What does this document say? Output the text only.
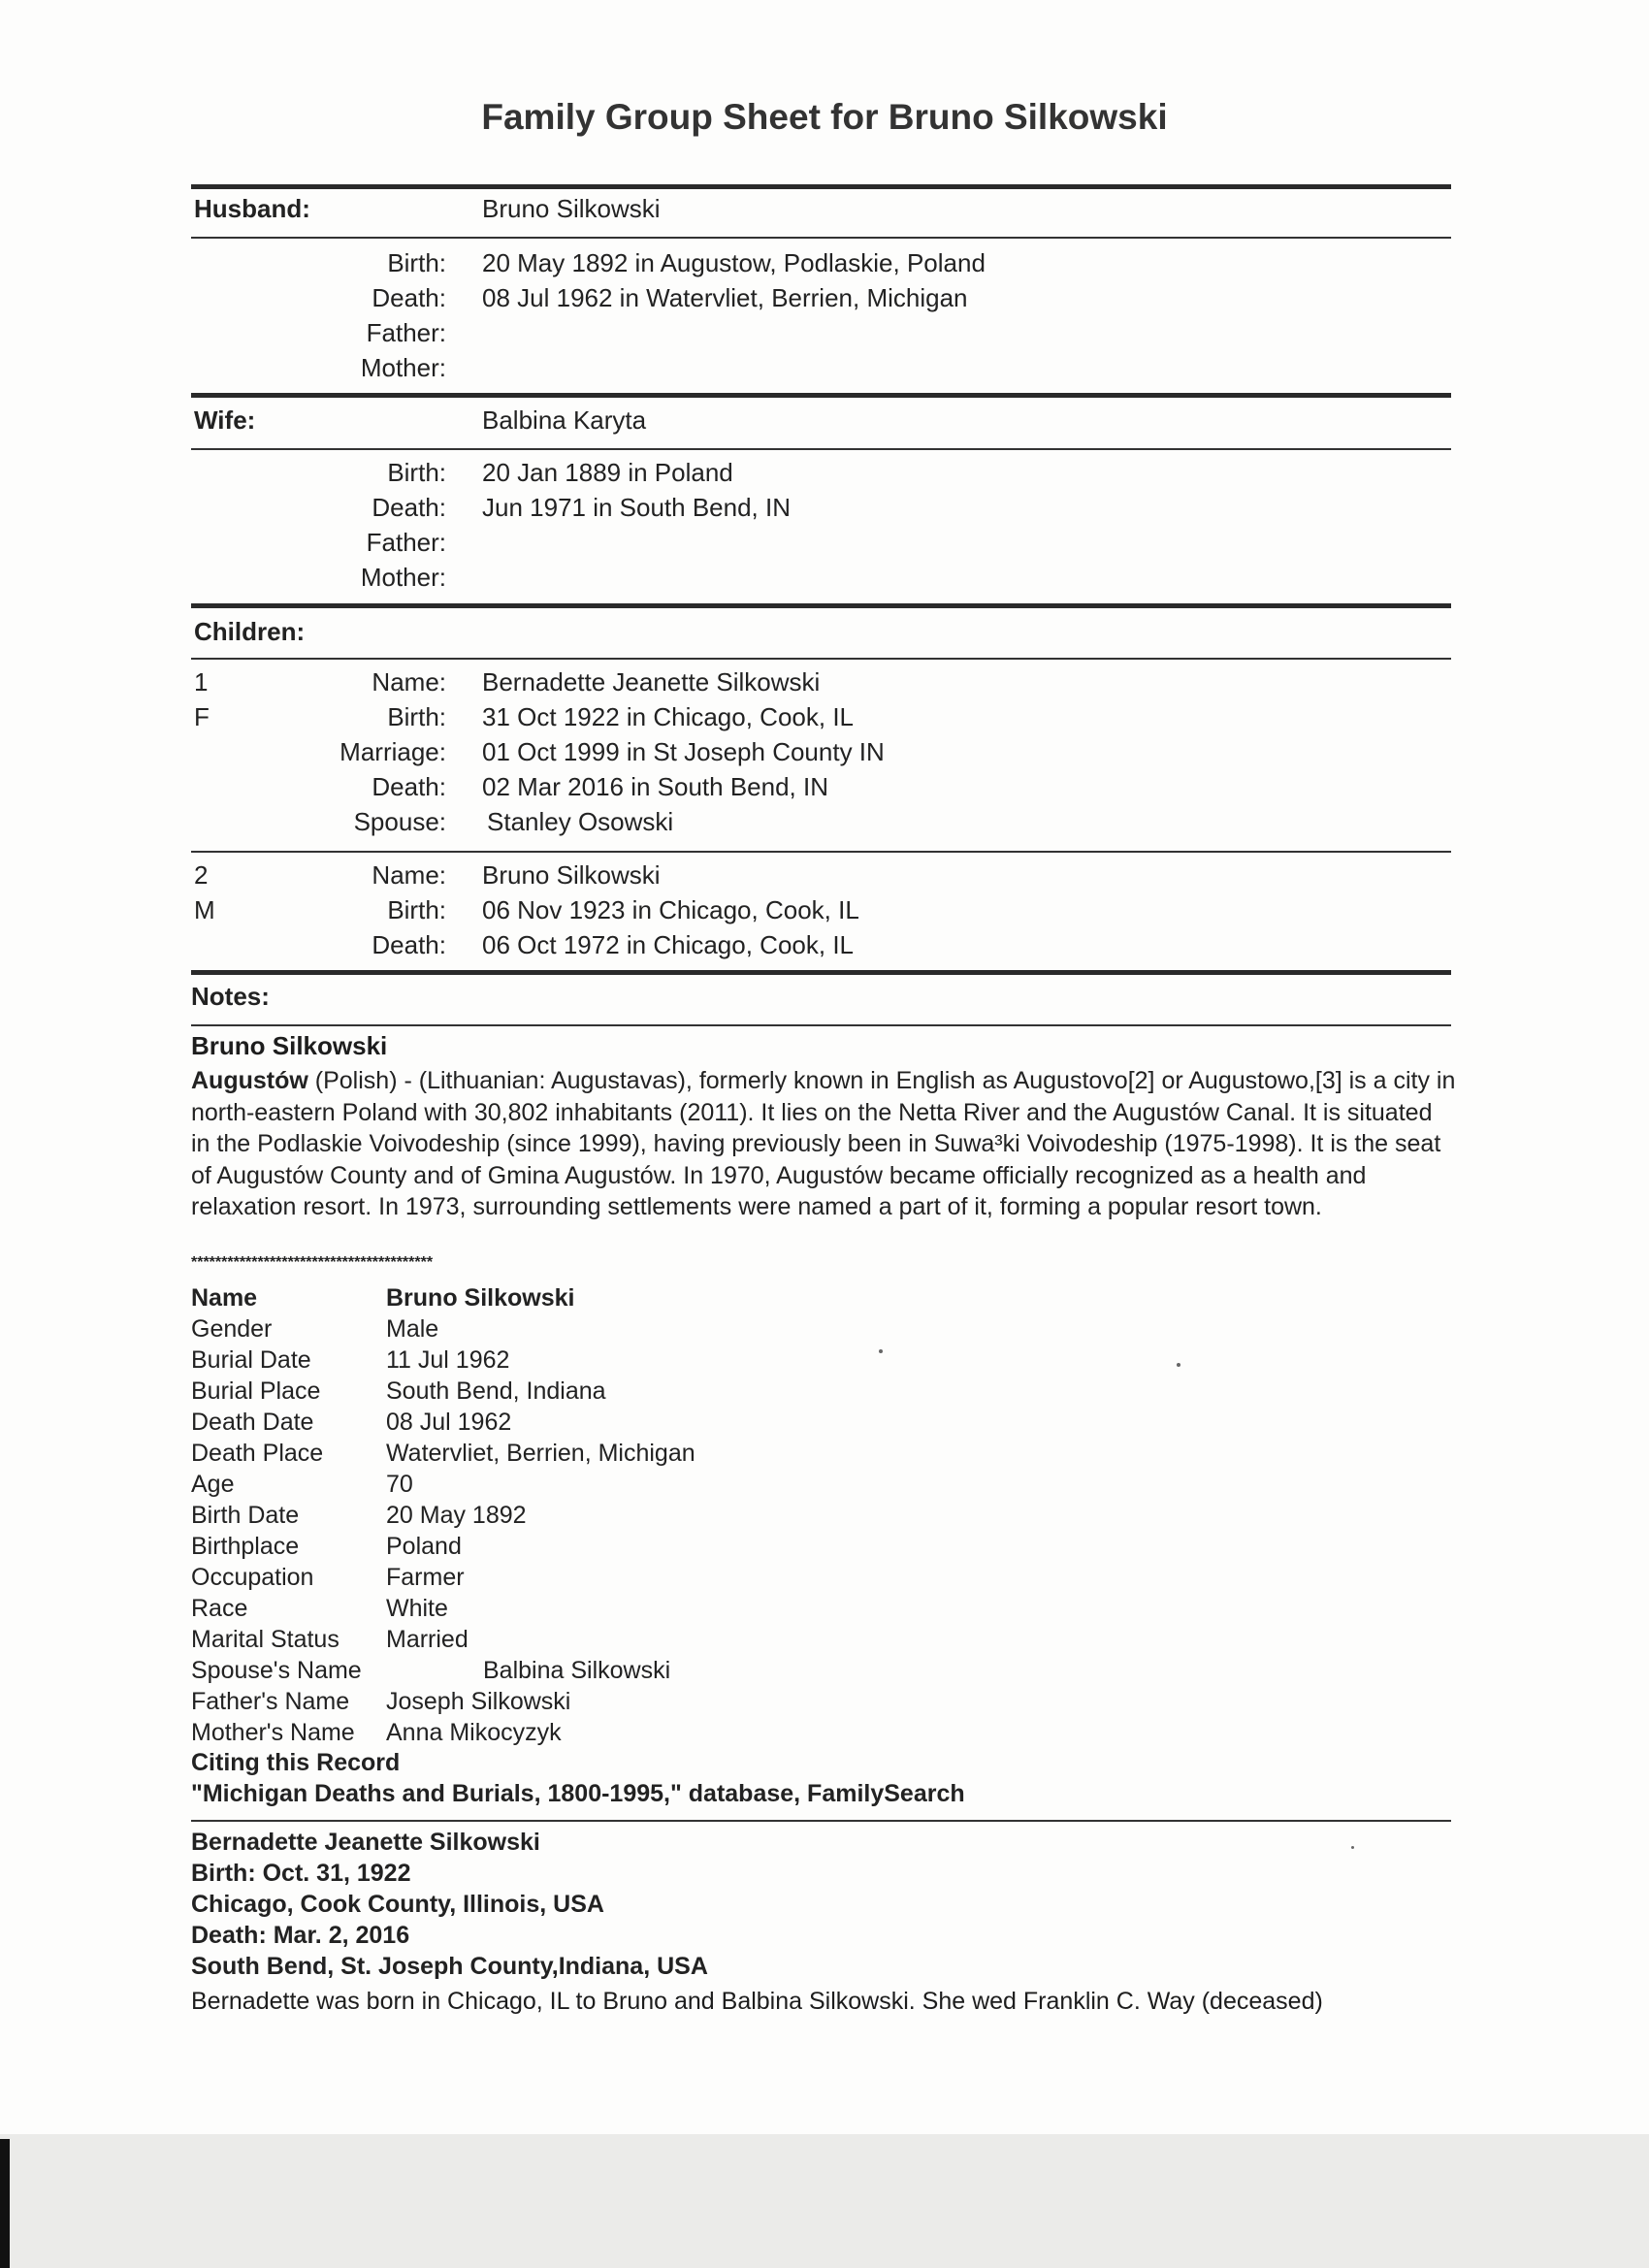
Family Group Sheet for Bruno Silkowski
Husband:	Bruno Silkowski
Birth: 20 May 1892 in Augustow, Podlaskie, Poland
Death: 08 Jul 1962 in Watervliet, Berrien, Michigan
Father:
Mother:
Wife:	Balbina Karyta
Birth: 20 Jan 1889 in Poland
Death: Jun 1971 in South Bend, IN
Father:
Mother:
Children:
1
F
Name: Bernadette Jeanette Silkowski
Birth: 31 Oct 1922 in Chicago, Cook, IL
Marriage: 01 Oct 1999 in St Joseph County IN
Death: 02 Mar 2016 in South Bend, IN
Spouse: Stanley Osowski
2
M
Name: Bruno Silkowski
Birth: 06 Nov 1923 in Chicago, Cook, IL
Death: 06 Oct 1972 in Chicago, Cook, IL
Notes:
Bruno Silkowski
Augustów (Polish) - (Lithuanian: Augustavas), formerly known in English as Augustovo[2] or Augustowo,[3] is a city in north-eastern Poland with 30,802 inhabitants (2011). It lies on the Netta River and the Augustów Canal. It is situated in the Podlaskie Voivodeship (since 1999), having previously been in Suwa³ki Voivodeship (1975-1998). It is the seat of Augustów County and of Gmina Augustów. In 1970, Augustów became officially recognized as a health and relaxation resort. In 1973, surrounding settlements were named a part of it, forming a popular resort town.
****************************************
Name	Bruno Silkowski
Gender	Male
Burial Date	11 Jul 1962
Burial Place	South Bend, Indiana
Death Date	08 Jul 1962
Death Place	Watervliet, Berrien, Michigan
Age	70
Birth Date	20 May 1892
Birthplace	Poland
Occupation	Farmer
Race	White
Marital Status Married
Spouse's Name	Balbina Silkowski
Father's Name Joseph Silkowski
Mother's Name Anna Mikocyzyk
Citing this Record
"Michigan Deaths and Burials, 1800-1995," database, FamilySearch
Bernadette Jeanette Silkowski
Birth: Oct. 31, 1922
Chicago, Cook County, Illinois, USA
Death: Mar. 2, 2016
South Bend, St. Joseph County,Indiana, USA
Bernadette was born in Chicago, IL to Bruno and Balbina Silkowski. She wed Franklin C. Way (deceased)
